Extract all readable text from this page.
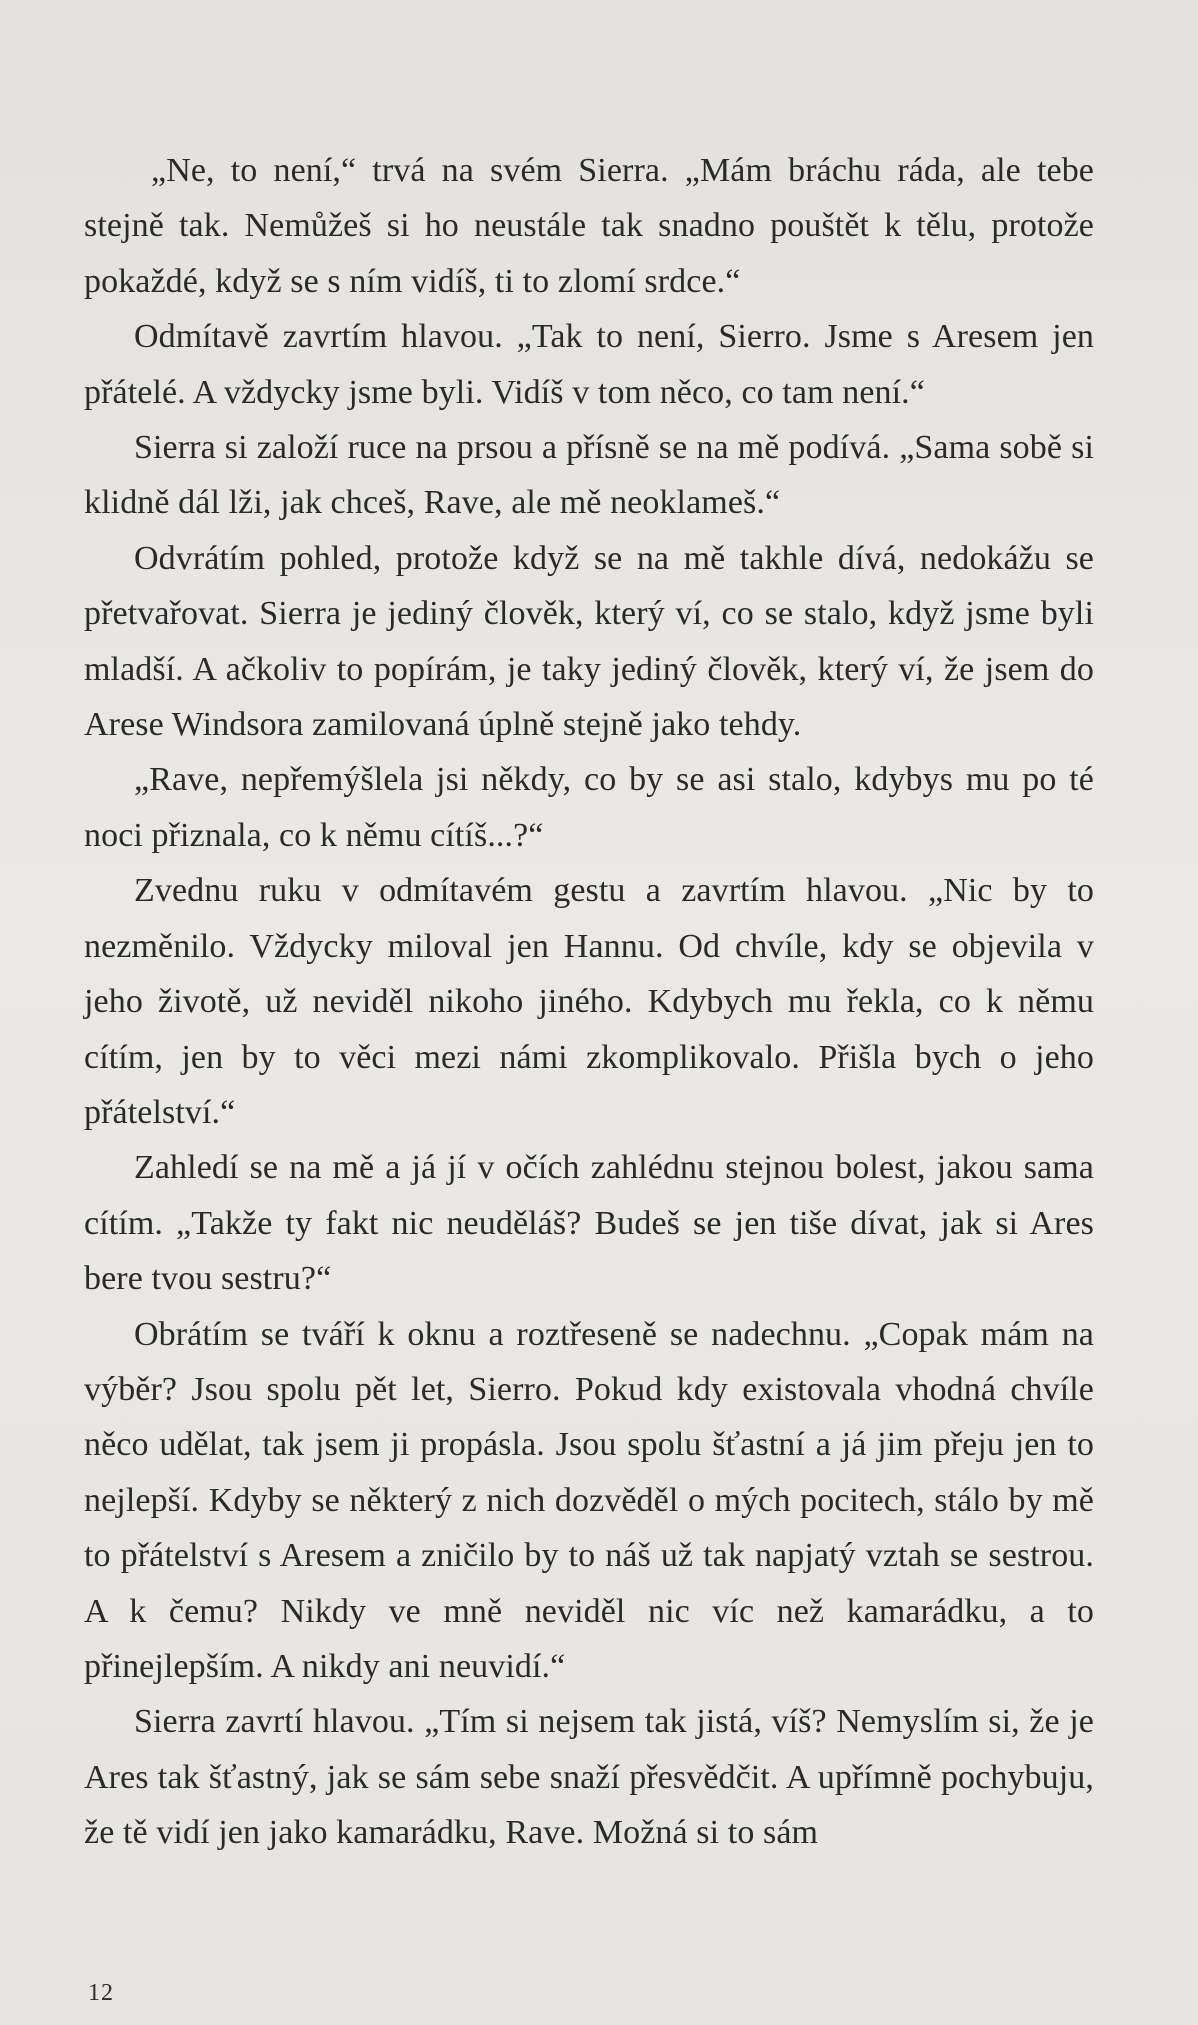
„Ne, to není,“ trvá na svém Sierra. „Mám bráchu ráda, ale tebe stejně tak. Nemůžeš si ho neustále tak snadno pouštět k tělu, protože pokaždé, když se s ním vidíš, ti to zlomí srdce.“

Odmítavě zavrtím hlavou. „Tak to není, Sierro. Jsme s Aresem jen přátelé. A vždycky jsme byli. Vidíš v tom něco, co tam není.“

Sierra si založí ruce na prsou a přísně se na mě podívá. „Sama sobě si klidně dál lži, jak chceš, Rave, ale mě neoklameš.“

Odvrátím pohled, protože když se na mě takhle dívá, nedokážu se přetvařovat. Sierra je jediný člověk, který ví, co se stalo, když jsme byli mladší. A ačkoliv to popírám, je taky jediný člověk, který ví, že jsem do Arese Windsora zamilovaná úplně stejně jako tehdy.

„Rave, nepřemýšlela jsi někdy, co by se asi stalo, kdybys mu po té noci přiznala, co k němu cítíš...?“

Zvednu ruku v odmítavém gestu a zavrtím hlavou. „Nic by to nezměnilo. Vždycky miloval jen Hannu. Od chvíle, kdy se objevila v jeho životě, už neviděl nikoho jiného. Kdybych mu řekla, co k němu cítím, jen by to věci mezi námi zkomplikovalo. Přišla bych o jeho přátelství.“

Zahledí se na mě a já jí v očích zahlédnu stejnou bolest, jakou sama cítím. „Takže ty fakt nic neuděláš? Budeš se jen tiše dívat, jak si Ares bere tvou sestru?“

Obrátím se tváří k oknu a roztřeseně se nadechnu. „Copak mám na výběr? Jsou spolu pět let, Sierro. Pokud kdy existovala vhodná chvíle něco udělat, tak jsem ji propásla. Jsou spolu šťastní a já jim přeju jen to nejlepší. Kdyby se některý z nich dozvěděl o mých pocitech, stálo by mě to přátelství s Aresem a zničilo by to náš už tak napjatý vztah se sestrou. A k čemu? Nikdy ve mně neviděl nic víc než kamarádku, a to přinejlepším. A nikdy ani neuvidí.“

Sierra zavrtí hlavou. „Tím si nejsem tak jistá, víš? Nemyslím si, že je Ares tak šťastný, jak se sám sebe snaží přesvědčit. A upřímně pochybuju, že tě vidí jen jako kamarádku, Rave. Možná si to sám

12
